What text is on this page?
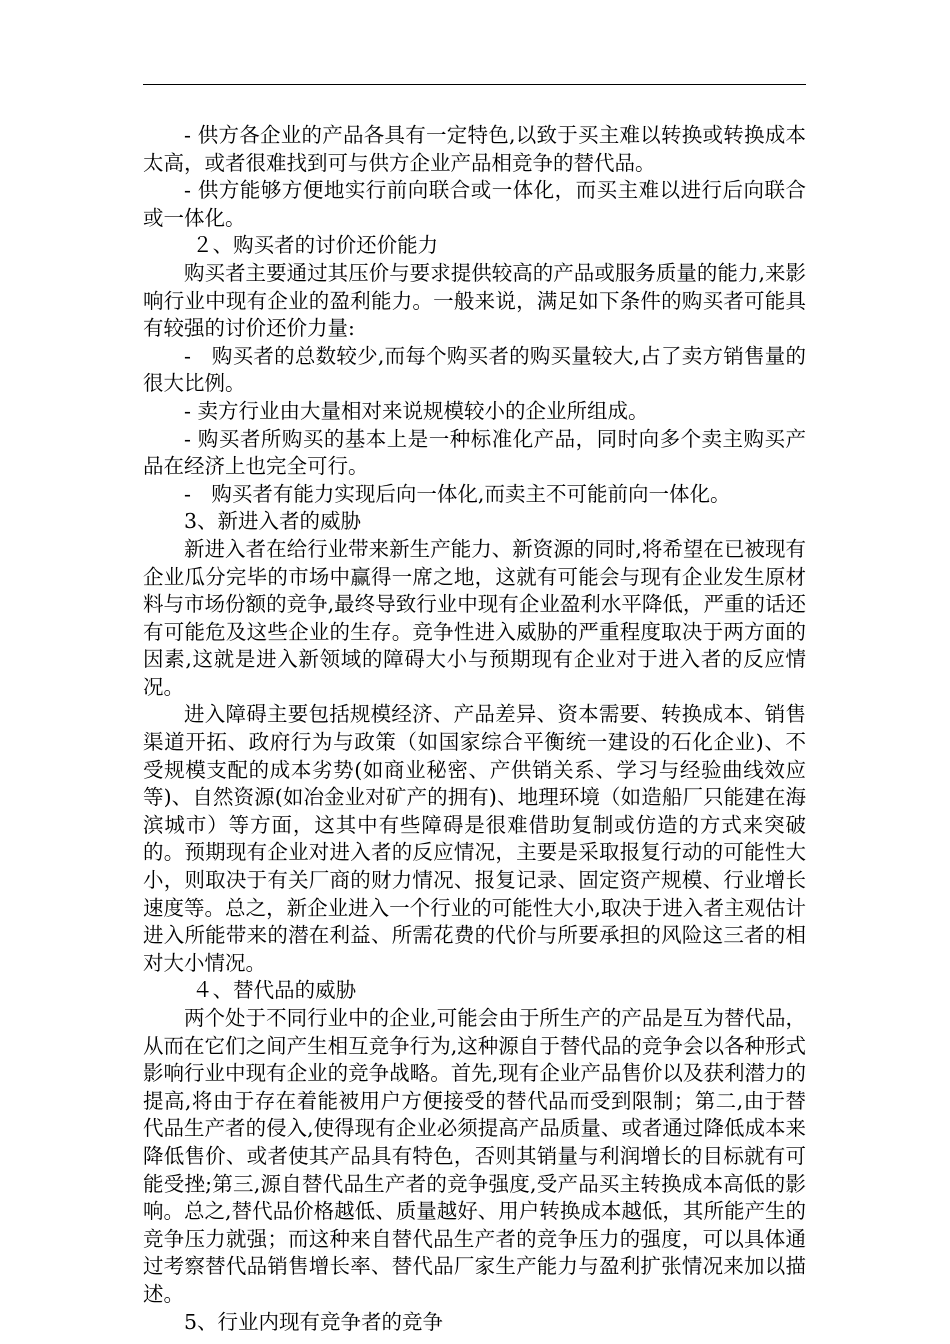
- 供方各企业的产品各具有一定特色,以致于买主难以转换或转换成本太高，或者很难找到可与供方企业产品相竞争的替代品。

- 供方能够方便地实行前向联合或一体化，而买主难以进行后向联合或一体化。

２、购买者的讨价还价能力

购买者主要通过其压价与要求提供较高的产品或服务质量的能力,来影响行业中现有企业的盈利能力。一般来说，满足如下条件的购买者可能具有较强的讨价还价力量:

-　购买者的总数较少,而每个购买者的购买量较大,占了卖方销售量的很大比例。

- 卖方行业由大量相对来说规模较小的企业所组成。

- 购买者所购买的基本上是一种标准化产品，同时向多个卖主购买产品在经济上也完全可行。

-　购买者有能力实现后向一体化,而卖主不可能前向一体化。

3、新进入者的威胁

新进入者在给行业带来新生产能力、新资源的同时,将希望在已被现有企业瓜分完毕的市场中赢得一席之地，这就有可能会与现有企业发生原材料与市场份额的竞争,最终导致行业中现有企业盈利水平降低，严重的话还有可能危及这些企业的生存。竞争性进入威胁的严重程度取决于两方面的因素,这就是进入新领域的障碍大小与预期现有企业对于进入者的反应情况。

进入障碍主要包括规模经济、产品差异、资本需要、转换成本、销售渠道开拓、政府行为与政策（如国家综合平衡统一建设的石化企业)、不受规模支配的成本劣势(如商业秘密、产供销关系、学习与经验曲线效应等)、自然资源(如冶金业对矿产的拥有)、地理环境（如造船厂只能建在海滨城市）等方面，这其中有些障碍是很难借助复制或仿造的方式来突破的。预期现有企业对进入者的反应情况，主要是采取报复行动的可能性大小，则取决于有关厂商的财力情况、报复记录、固定资产规模、行业增长速度等。总之，新企业进入一个行业的可能性大小,取决于进入者主观估计进入所能带来的潜在利益、所需花费的代价与所要承担的风险这三者的相对大小情况。

４、替代品的威胁

两个处于不同行业中的企业,可能会由于所生产的产品是互为替代品，从而在它们之间产生相互竞争行为,这种源自于替代品的竞争会以各种形式影响行业中现有企业的竞争战略。首先,现有企业产品售价以及获利潜力的提高,将由于存在着能被用户方便接受的替代品而受到限制；第二,由于替代品生产者的侵入,使得现有企业必须提高产品质量、或者通过降低成本来降低售价、或者使其产品具有特色，否则其销量与利润增长的目标就有可能受挫;第三,源自替代品生产者的竞争强度,受产品买主转换成本高低的影响。总之,替代品价格越低、质量越好、用户转换成本越低，其所能产生的竞争压力就强；而这种来自替代品生产者的竞争压力的强度，可以具体通过考察替代品销售增长率、替代品厂家生产能力与盈利扩张情况来加以描述。

5、行业内现有竞争者的竞争
